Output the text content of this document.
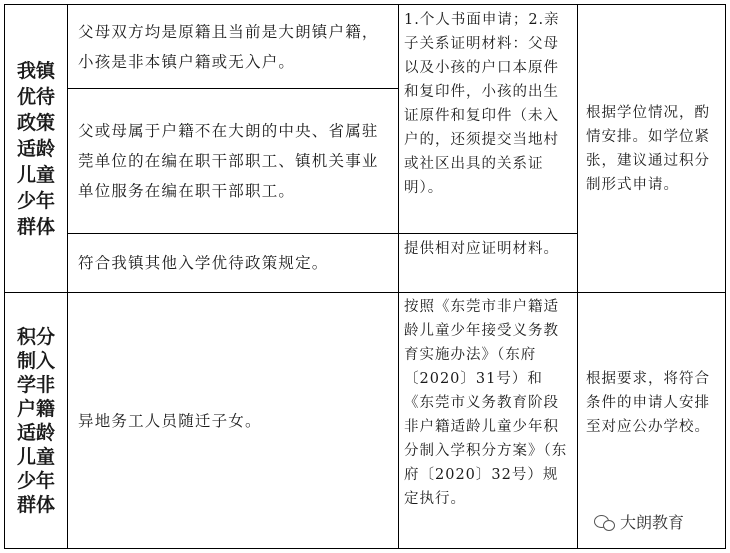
我镇
优待
政策
适龄
儿童
少年
群体
父母双方均是原籍且当前是大朗镇户籍，小孩是非本镇户籍或无入户。
父或母属于户籍不在大朗的中央、省属驻莞单位的在编在职干部职工、镇机关事业单位服务在编在职干部职工。
符合我镇其他入学优待政策规定。
1.个人书面申请；2.亲子关系证明材料：父母以及小孩的户口本原件和复印件，小孩的出生证原件和复印件（未入户的，还须提交当地村或社区出具的关系证明）。
提供相对应证明材料。
根据学位情况，酌情安排。如学位紧张，建议通过积分制形式申请。
积分
制入
学非
户籍
适龄
儿童
少年
群体
异地务工人员随迁子女。
按照《东莞市非户籍适龄儿童少年接受义务教育实施办法》（东府〔2020〕31号）和《东莞市义务教育阶段非户籍适龄儿童少年积分制入学积分方案》（东府〔2020〕32号）规定执行。
根据要求，将符合条件的申请人安排至对应公办学校。
大朗教育
